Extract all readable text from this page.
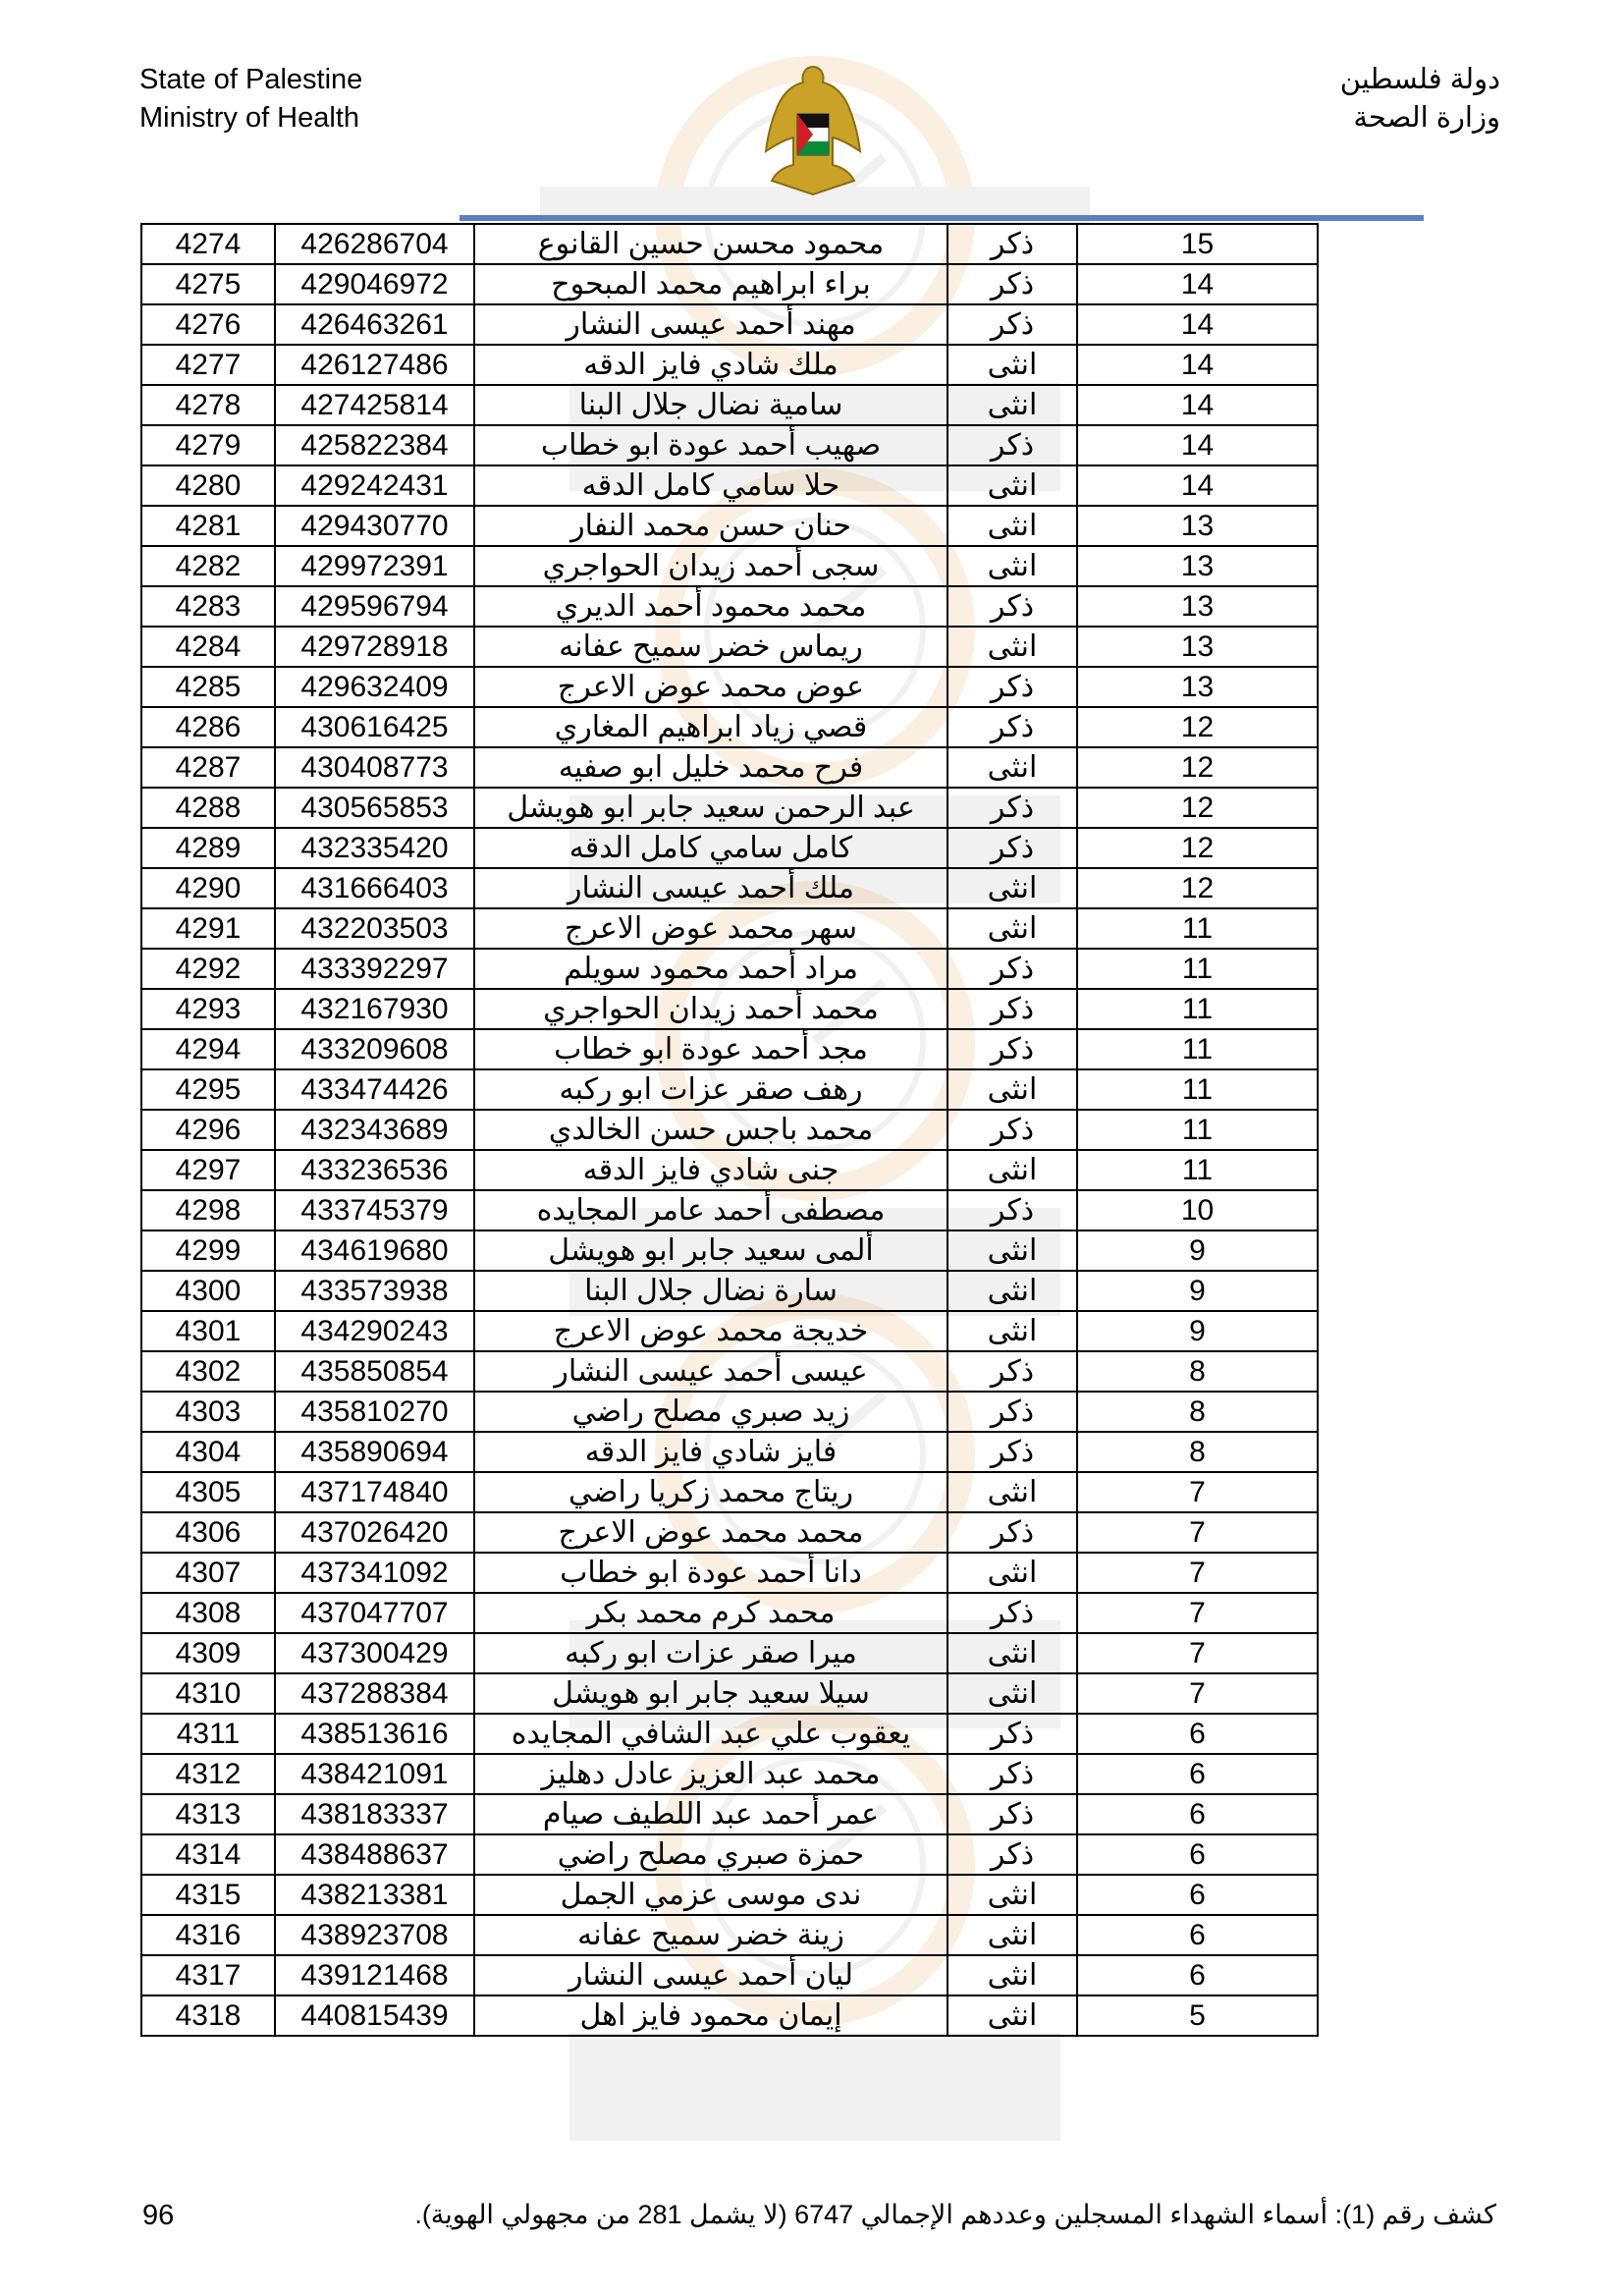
State of Palestine
Ministry of Health
دولة فلسطين
وزارة الصحة
4274	426286704	محمود محسن حسين القانوع	ذكر	15
4275	429046972	براء ابراهيم محمد المبحوح	ذكر	14
4276	426463261	مهند أحمد عيسى النشار	ذكر	14
4277	426127486	ملك شادي فايز الدقه	انثى	14
4278	427425814	سامية نضال جلال البنا	انثى	14
4279	425822384	صهيب أحمد عودة ابو خطاب	ذكر	14
4280	429242431	حلا سامي كامل الدقه	انثى	14
4281	429430770	حنان حسن محمد النفار	انثى	13
4282	429972391	سجى أحمد زيدان الحواجري	انثى	13
4283	429596794	محمد محمود أحمد الديري	ذكر	13
4284	429728918	ريماس خضر سميح عفانه	انثى	13
4285	429632409	عوض محمد عوض الاعرج	ذكر	13
4286	430616425	قصي زياد ابراهيم المغاري	ذكر	12
4287	430408773	فرح محمد خليل ابو صفيه	انثى	12
4288	430565853	عبد الرحمن سعيد جابر ابو هويشل	ذكر	12
4289	432335420	كامل سامي كامل الدقه	ذكر	12
4290	431666403	ملك أحمد عيسى النشار	انثى	12
4291	432203503	سهر محمد عوض الاعرج	انثى	11
4292	433392297	مراد أحمد محمود سويلم	ذكر	11
4293	432167930	محمد أحمد زيدان الحواجري	ذكر	11
4294	433209608	مجد أحمد عودة ابو خطاب	ذكر	11
4295	433474426	رهف صقر عزات ابو ركبه	انثى	11
4296	432343689	محمد باجس حسن الخالدي	ذكر	11
4297	433236536	جنى شادي فايز الدقه	انثى	11
4298	433745379	مصطفى أحمد عامر المجايده	ذكر	10
4299	434619680	ألمى سعيد جابر ابو هويشل	انثى	9
4300	433573938	سارة نضال جلال البنا	انثى	9
4301	434290243	خديجة محمد عوض الاعرج	انثى	9
4302	435850854	عيسى أحمد عيسى النشار	ذكر	8
4303	435810270	زيد صبري مصلح راضي	ذكر	8
4304	435890694	فايز شادي فايز الدقه	ذكر	8
4305	437174840	ريتاج محمد زكريا راضي	انثى	7
4306	437026420	محمد محمد عوض الاعرج	ذكر	7
4307	437341092	دانا أحمد عودة ابو خطاب	انثى	7
4308	437047707	محمد كرم محمد بكر	ذكر	7
4309	437300429	ميرا صقر عزات ابو ركبه	انثى	7
4310	437288384	سيلا سعيد جابر ابو هويشل	انثى	7
4311	438513616	يعقوب علي عبد الشافي المجايده	ذكر	6
4312	438421091	محمد عبد العزيز عادل دهليز	ذكر	6
4313	438183337	عمر أحمد عبد اللطيف صيام	ذكر	6
4314	438488637	حمزة صبري مصلح راضي	ذكر	6
4315	438213381	ندى موسى عزمي الجمل	انثى	6
4316	438923708	زينة خضر سميح عفانه	انثى	6
4317	439121468	ليان أحمد عيسى النشار	انثى	6
4318	440815439	إيمان محمود فايز اهل	انثى	5
96	كشف رقم (1): أسماء الشهداء المسجلين وعددهم الإجمالي 6747 (لا يشمل 281 من مجهولي الهوية).
